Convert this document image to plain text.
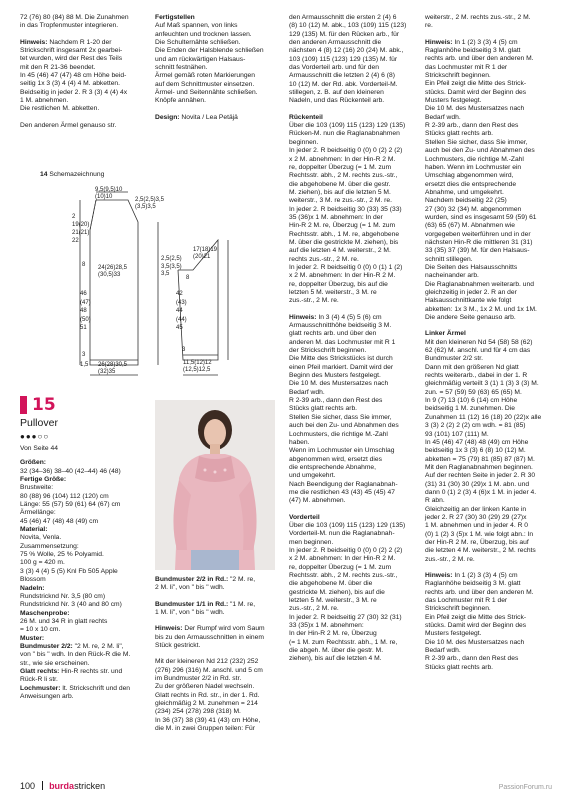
72 (76) 80 (84) 88 M. Die Zunahmen
in das Tropfenmuster integrieren.

Hinweis: Nachdem R 1-20 der
Strickschrift insgesamt 2x gearbei-
tet wurden, wird der Rest des Teils
mit den R 21-36 beendet.
In 45 (46) 47 (47) 48 cm Höhe beid-
seitig 1x 3 (3) 4 (4) 4 M. abketten.
Beidseitig in jeder 2. R 3 (3) 4 (4) 4x
1 M. abnehmen.
Die restlichen M. abketten.

Den anderen Ärmel genauso str.

Fertigstellen
Auf Maß spannen, von links
anfeuchten und trocknen lassen.
Die Schulternähte schließen.
Die Enden der Halsblende schließen
und am rückwärtigen Halsaus-
schnitt festnähen.
Ärmel gemäß roten Markierungen
auf dem Schnittmuster einsetzen.
Ärmel- und Seitennähte schließen.
Knöpfe annähen.

Design: Novita / Lea Petäjä

14 Schemazeichnung
9,5(9,5)10
(10)10	2,5(2,5)3,5
(3,5)3,5
2
19(20)
21(21)
22
8 24(26)28,5
(30,5)33
46
(47)
48
(50)
51
3
1,5 26(28)30,5
(32)35
2,5(2,5)
3,5(3,5)
3,5
17(18)19
(20)21
8
42
(43)
44
(44)
45
3
11,5(12)12
(12,5)12,5
15
Pullover
●●●○○

Von Seite 44

Größen:
32 (34–36) 38–40 (42–44) 46 (48)

Fertige Größe:
Brustweite:
80 (88) 96 (104) 112 (120) cm
Länge: 55 (57) 59 (61) 64 (67) cm
Ärmellänge:
45 (46) 47 (48) 48 (49) cm

Material:
Novita, Venla.
Zusammensetzung:
75 % Wolle, 25 % Polyamid.
100 g = 420 m.
3 (3) 4 (4) 5 (5) Knl Fb 505 Apple
Blossom

Nadeln:
Rundstricknd Nr. 3,5 (80 cm)
Rundstricknd Nr. 3 (40 and 80 cm)

Maschenprobe:
26 M. und 34 R in glatt rechts
= 10 x 10 cm.

Muster:

Bundmuster 2/2: "2 M. re, 2 M. li",
von " bis " wdh. In den Rück-R die M.
str., wie sie erscheinen.

Glatt rechts: Hin-R rechts str. und
Rück-R li str.

Lochmuster: lt. Strickschrift und den
Anweisungen arb.

Bundmuster 2/2 in Rd.: "2 M. re,
2 M. li", von " bis " wdh.

Bundmuster 1/1 in Rd.: "1 M. re,
1 M. li", von " bis " wdh.

Hinweis: Der Rumpf wird vom Saum
bis zu den Armausschnitten in einem
Stück gestrickt.

Mit der kleineren Nd 212 (232) 252
(276) 296 (316) M. anschl. und 5 cm
im Bundmuster 2/2 in Rd. str.
Zu der größeren Nadel wechseln.
Glatt rechts in Rd. str., in der 1. Rd.
gleichmäßig 2 M. zunehmen = 214
(234) 254 (278) 298 (318) M.
In 36 (37) 38 (39) 41 (43) cm Höhe,
die M. in zwei Gruppen teilen: Für

den Armausschnitt die ersten 2 (4) 6
(8) 10 (12) M. abk., 103 (109) 115 (123)
129 (135) M. für den Rücken arb., für
den anderen Armausschnitt die
nächsten 4 (8) 12 (16) 20 (24) M. abk.,
103 (109) 115 (123) 129 (135) M. für
das Vorderteil arb. und für den
Armausschnitt die letzten 2 (4) 6 (8)
10 (12) M. der Rd. abk. Vorderteil-M.
stillegen, z. B. auf den kleineren
Nadeln, und das Rückenteil arb.

Rückenteil
Über die 103 (109) 115 (123) 129 (135)
Rücken-M. nun die Raglanabnahmen
beginnen.
In jeder 2. R beidseitig 0 (0) 0 (2) 2 (2)
x 2 M. abnehmen: In der Hin-R 2 M.
re, doppelter Überzug (= 1 M. zum
Rechtsstr. abh., 2 M. rechts zus.-str.,
die abgehobene M. über die gestr.
M. ziehen), bis auf die letzten 5 M.
weiterstr., 3 M. re zus.-str., 2 M. re.
In jeder 2. R beidseitig 30 (33) 35 (33)
35 (36)x 1 M. abnehmen: In der
Hin-R 2 M. re, Überzug (= 1 M. zum
Rechtsstr. abh., 1 M. re, abgehobene
M. über die gestrickte M. ziehen), bis
auf die letzten 4 M. weiterstr., 2 M.
rechts zus.-str., 2 M. re.
In jeder 2. R beidseitig 0 (0) 0 (1) 1 (2)
x 2 M. abnehmen: In der Hin-R 2 M.
re, doppelter Überzug, bis auf die
letzten 5 M. weiterstr., 3 M. re
zus.-str., 2 M. re.

Hinweis: In 3 (4) 4 (5) 5 (6) cm
Armausschnitthöhe beidseitig 3 M.
glatt rechts arb. und über den
anderen M. das Lochmuster mit R 1
der Strickschrift beginnen.
Die Mitte des Strickstücks ist durch
einen Pfeil markiert. Damit wird der
Beginn des Musters festgelegt.
Die 10 M. des Mustersatzes nach
Bedarf wdh.
R 2-39 arb., dann den Rest des
Stücks glatt rechts arb.
Stellen Sie sicher, dass Sie immer,
auch bei den Zu- und Abnahmen des
Lochmusters, die richtige M.-Zahl
haben.
Wenn im Lochmuster ein Umschlag
abgenommen wird, ersetzt dies
die entsprechende Abnahme,
und umgekehrt.
Nach Beendigung der Raglanabnah-
me die restlichen 43 (43) 45 (45) 47
(47) M. abnehmen.

Vorderteil
Über die 103 (109) 115 (123) 129 (135)
Vorderteil-M. nun die Raglanabnah-
men beginnen.
In jeder 2. R beidseitig 0 (0) 0 (2) 2 (2)
x 2 M. abnehmen: In der Hin-R 2 M.
re, doppelter Überzug (= 1 M. zum
Rechtsstr. abh., 2 M. rechts zus.-str.,
die abgehobene M. über die
gestrickte M. ziehen), bis auf die
letzten 5 M. weiterstr., 3 M. re
zus.-str., 2 M. re.
In jeder 2. R beidseitig 27 (30) 32 (31)
33 (35)x 1 M. abnehmen:
In der Hin-R 2 M. re, Überzug
(= 1 M. zum Rechtsstr. abh., 1 M. re,
die abgeh. M. über die gestr. M.
ziehen), bis auf die letzten 4 M.

weiterstr., 2 M. rechts zus.-str., 2 M.
re.

Hinweis: In 1 (2) 3 (3) 4 (5) cm
Raglanhöhe beidseitig 3 M. glatt
rechts arb. und über den anderen M.
das Lochmuster mit R 1 der
Strickschrift beginnen.
Ein Pfeil zeigt die Mitte des Strick-
stücks. Damit wird der Beginn des
Musters festgelegt.
Die 10 M. des Mustersatzes nach
Bedarf wdh.
R 2-39 arb., dann den Rest des
Stücks glatt rechts arb.
Stellen Sie sicher, dass Sie immer,
auch bei den Zu- und Abnahmen des
Lochmusters, die richtige M.-Zahl
haben. Wenn im Lochmuster ein
Umschlag abgenommen wird,
ersetzt dies die entsprechende
Abnahme, und umgekehrt.
Nachdem beidseitig 22 (25)
27 (30) 32 (34) M. abgenommen
wurden, sind es insgesamt 59 (59) 61
(63) 65 (67) M. Abnahmen wie
vorgegeben weiterführen und in der
nächsten Hin-R die mittleren 31 (31)
33 (35) 37 (39) M. für den Halsaus-
schnitt stillegen.
Die Seiten des Halsausschnitts
nacheinander arb.
Die Raglanabnahmen weiterarb. und
gleichzeitig in jeder 2. R an der
Halsausschnittkante wie folgt
abketten: 1x 3 M., 1x 2 M. und 1x 1M.
Die andere Seite genauso arb.

Linker Ärmel
Mit den kleineren Nd 54 (58) 58 (62)
62 (62) M. anschl. und für 4 cm das
Bundmuster 2/2 str.
Dann mit den größeren Nd glatt
rechts weiterarb., dabei in der 1. R
gleichmäßig verteilt 3 (1) 1 (3) 3 (3) M.
zun. = 57 (59) 59 (63) 65 (65) M.
In 9 (7) 13 (10) 6 (14) cm Höhe
beidseitig 1 M. zunehmen. Die
Zunahmen 11 (12) 16 (18) 20 (22)x alle
3 (3) 2 (2) 2 (2) cm wdh. = 81 (85)
93 (101) 107 (111) M.
In 45 (46) 47 (48) 48 (49) cm Höhe
beidseitig 1x 3 (3) 6 (8) 10 (12) M.
abketten = 75 (79) 81 (85) 87 (87) M.
Mit den Raglanabnahmen beginnen.
Auf der rechten Seite in jeder 2. R 30
(31) 31 (30) 30 (29)x 1 M. abn. und
dann 0 (1) 2 (3) 4 (6)x 1 M. in jeder 4.
R abn.
Gleichzeitig an der linken Kante in
jeder 2. R 27 (30) 30 (29) 29 (27)x
1 M. abnehmen und in jeder 4. R 0
(0) 1 (2) 3 (5)x 1 M. wie folgt abn.: In
der Hin-R 2 M. re, Überzug, bis auf
die letzten 4 M. weiterstr., 2 M. rechts
zus.-str., 2 M. re.

Hinweis: In 1 (2) 3 (3) 4 (5) cm
Raglanhöhe beidseitig 3 M. glatt
rechts arb. und über den anderen M.
das Lochmuster mit R 1 der
Strickschrift beginnen.
Ein Pfeil zeigt die Mitte des Strick-
stücks. Damit wird der Beginn des
Musters festgelegt.
Die 10 M. des Mustersatzes nach
Bedarf wdh.
R 2-39 arb., dann den Rest des
Stücks glatt rechts arb.

100 burdastricken	PassionForum.ru
